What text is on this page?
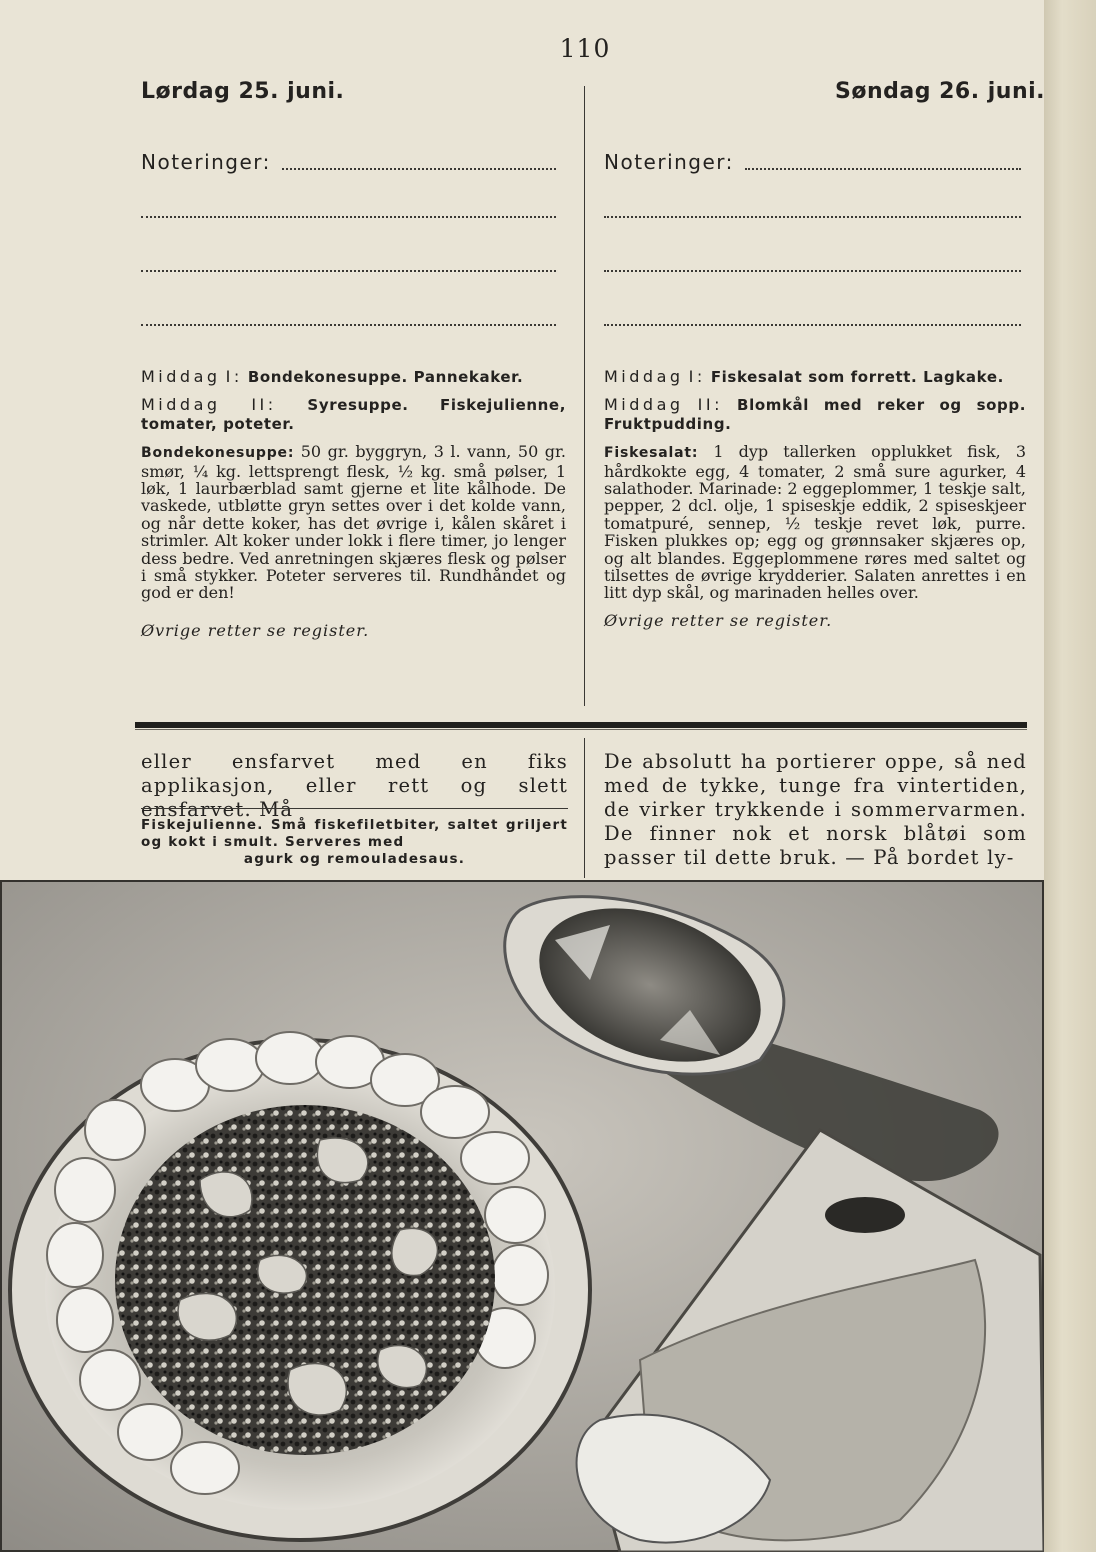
110
Lørdag 25. juni.	Søndag 26. juni.
Noteringer:	Noteringer:

Middag I: Bondekonesuppe. Pannekaker.

Middag II: Syresuppe. Fiskejulienne, tomater, poteter.

Bondekonesuppe: 50 gr. byggryn, 3 l. vann, 50 gr. smør, ¼ kg. lettsprengt flesk, ½ kg. små pølser, 1 løk, 1 laurbærblad samt gjerne et lite kålhode. De vaskede, utbløtte gryn settes over i det kolde vann, og når dette koker, has det øvrige i, kålen skåret i strimler. Alt koker under lokk i flere timer, jo lenger dess bedre. Ved anretningen skjæres flesk og pølser i små stykker. Poteter serveres til. Rundhåndet og god er den!

Øvrige retter se register.

Middag I: Fiskesalat som forrett. Lagkake.

Middag II: Blomkål med reker og sopp. Fruktpudding.

Fiskesalat: 1 dyp tallerken opplukket fisk, 3 hårdkokte egg, 4 tomater, 2 små sure agurker, 4 salathoder. Marinade: 2 eggeplommer, 1 teskje salt, pepper, 2 dcl. olje, 1 spiseskje eddik, 2 spiseskjeer tomatpuré, sennep, ½ teskje revet løk, purre. Fisken plukkes op; egg og grønnsaker skjæres op, og alt blandes. Eggeplommene røres med saltet og tilsettes de øvrige krydderier. Salaten anrettes i en litt dyp skål, og marinaden helles over.

Øvrige retter se register.

eller ensfarvet med en fiks applikasjon, eller rett og slett ensfarvet. Må
De absolutt ha portierer oppe, så ned med de tykke, tunge fra vintertiden, de virker trykkende i sommervarmen. De finner nok et norsk blåtøi som passer til dette bruk. — På bordet ly-
Fiskejulienne. Små fiskefiletbiter, saltet griljert og kokt i smult. Serveres med
agurk og remouladesaus.
